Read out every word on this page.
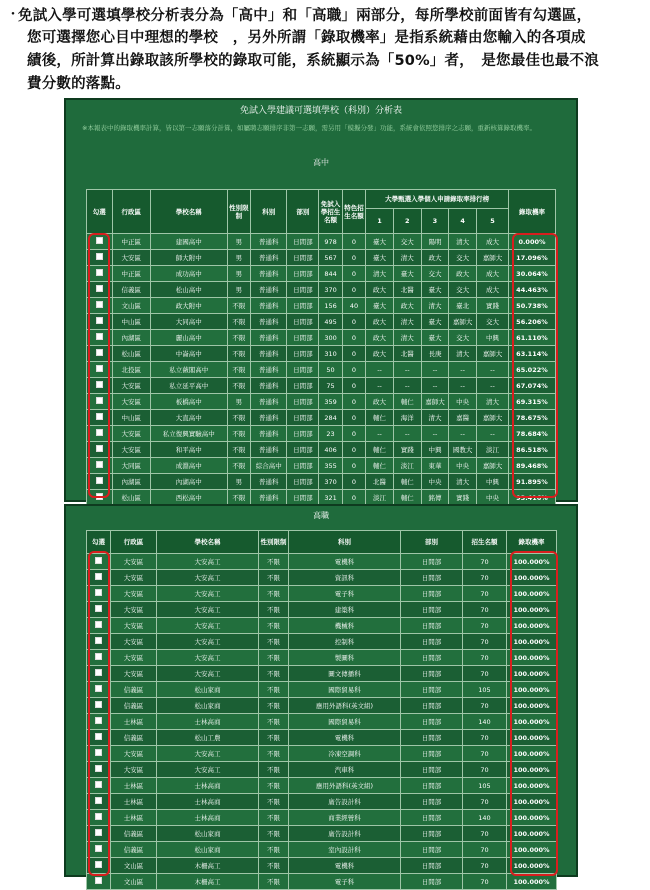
・
免試入學可選填學校分析表分為「高中」和「高職」兩部分，每所學校前面皆有勾選區，
您可選擇您心目中理想的學校　，另外所謂「錄取機率」是指系統藉由您輸入的各項成
績後，所計算出錄取該所學校的錄取可能，系統顯示為「50%」者，　是您最佳也最不浪
費分數的落點。
免試入學建議可選填學校（科別）分析表
※本報表中的錄取機率計算，皆以第一志願落分計算，如屬聘志願排序非第一志願，需另用「模擬分發」功能，系統會依照您排序之志願，重新核算錄取機率。
高中
勾選	行政區	學校名稱	性別限制	科別	部別	免試入學招生名額	特色招生名額	大學甄選入學個人申請錄取率排行榜					錄取機率
								1	2	3	4	5	
	中正區	建國高中	男	普通科	日間部	978	0	臺大	交大	陽明	清大	成大	0.000%
	大安區	師大附中	男	普通科	日間部	567	0	臺大	清大	政大	交大	嘉師大	17.096%
	中正區	成功高中	男	普通科	日間部	844	0	清大	臺大	交大	政大	成大	30.064%
	信義區	松山高中	男	普通科	日間部	370	0	政大	北醫	臺大	交大	成大	44.463%
	文山區	政大附中	不限	普通科	日間部	156	40	臺大	政大	清大	臺北	實踐	50.738%
	中山區	大同高中	不限	普通科	日間部	495	0	政大	清大	臺大	嘉師大	交大	56.206%
	內湖區	麗山高中	不限	普通科	日間部	300	0	政大	清大	臺大	交大	中興	61.110%
	松山區	中崙高中	不限	普通科	日間部	310	0	政大	北醫	長庚	清大	嘉師大	63.114%
	北投區	私立薇閣高中	不限	普通科	日間部	50	0	--	--	--	--	--	65.022%
	大安區	私立延平高中	不限	普通科	日間部	75	0	--	--	--	--	--	67.074%
	大安區	板橋高中	男	普通科	日間部	359	0	政大	輔仁	嘉師大	中央	清大	69.315%
	中山區	大直高中	不限	普通科	日間部	284	0	輔仁	海洋	清大	嘉醫	嘉師大	78.675%
	大安區	私立復興實驗高中	不限	普通科	日間部	23	0	--	--	--	--	--	78.684%
	大安區	和平高中	不限	普通科	日間部	406	0	輔仁	實踐	中興	國教大	淡江	86.518%
	大同區	成淵高中	不限	綜合高中	日間部	355	0	輔仁	淡江	東華	中央	嘉師大	89.468%
	內湖區	內湖高中	男	普通科	日間部	370	0	北醫	輔仁	中央	清大	中興	91.895%
	松山區	西松高中	不限	普通科	日間部	321	0	淡江	輔仁	銘傳	實踐	中央	93.416%
高職
勾選	行政區	學校名稱	性別限制	科別	部別	招生名額	錄取機率
	大安區	大安高工	不限	電機科	日間部	70	100.000%
	大安區	大安高工	不限	資訊科	日間部	70	100.000%
	大安區	大安高工	不限	電子科	日間部	70	100.000%
	大安區	大安高工	不限	建築科	日間部	70	100.000%
	大安區	大安高工	不限	機械科	日間部	70	100.000%
	大安區	大安高工	不限	控制科	日間部	70	100.000%
	大安區	大安高工	不限	製圖科	日間部	70	100.000%
	大安區	大安高工	不限	圖文傳播科	日間部	70	100.000%
	信義區	松山家商	不限	國際貿易科	日間部	105	100.000%
	信義區	松山家商	不限	應用外語科(英文組)	日間部	70	100.000%
	士林區	士林高商	不限	國際貿易科	日間部	140	100.000%
	信義區	松山工農	不限	電機科	日間部	70	100.000%
	大安區	大安高工	不限	冷凍空調科	日間部	70	100.000%
	大安區	大安高工	不限	汽車科	日間部	70	100.000%
	士林區	士林高商	不限	應用外語科(英文組)	日間部	105	100.000%
	士林區	士林高商	不限	廣告設計科	日間部	70	100.000%
	士林區	士林高商	不限	商業經營科	日間部	140	100.000%
	信義區	松山家商	不限	廣告設計科	日間部	70	100.000%
	信義區	松山家商	不限	室內設計科	日間部	70	100.000%
	文山區	木柵高工	不限	電機科	日間部	70	100.000%
	文山區	木柵高工	不限	電子科	日間部	70	100.000%
